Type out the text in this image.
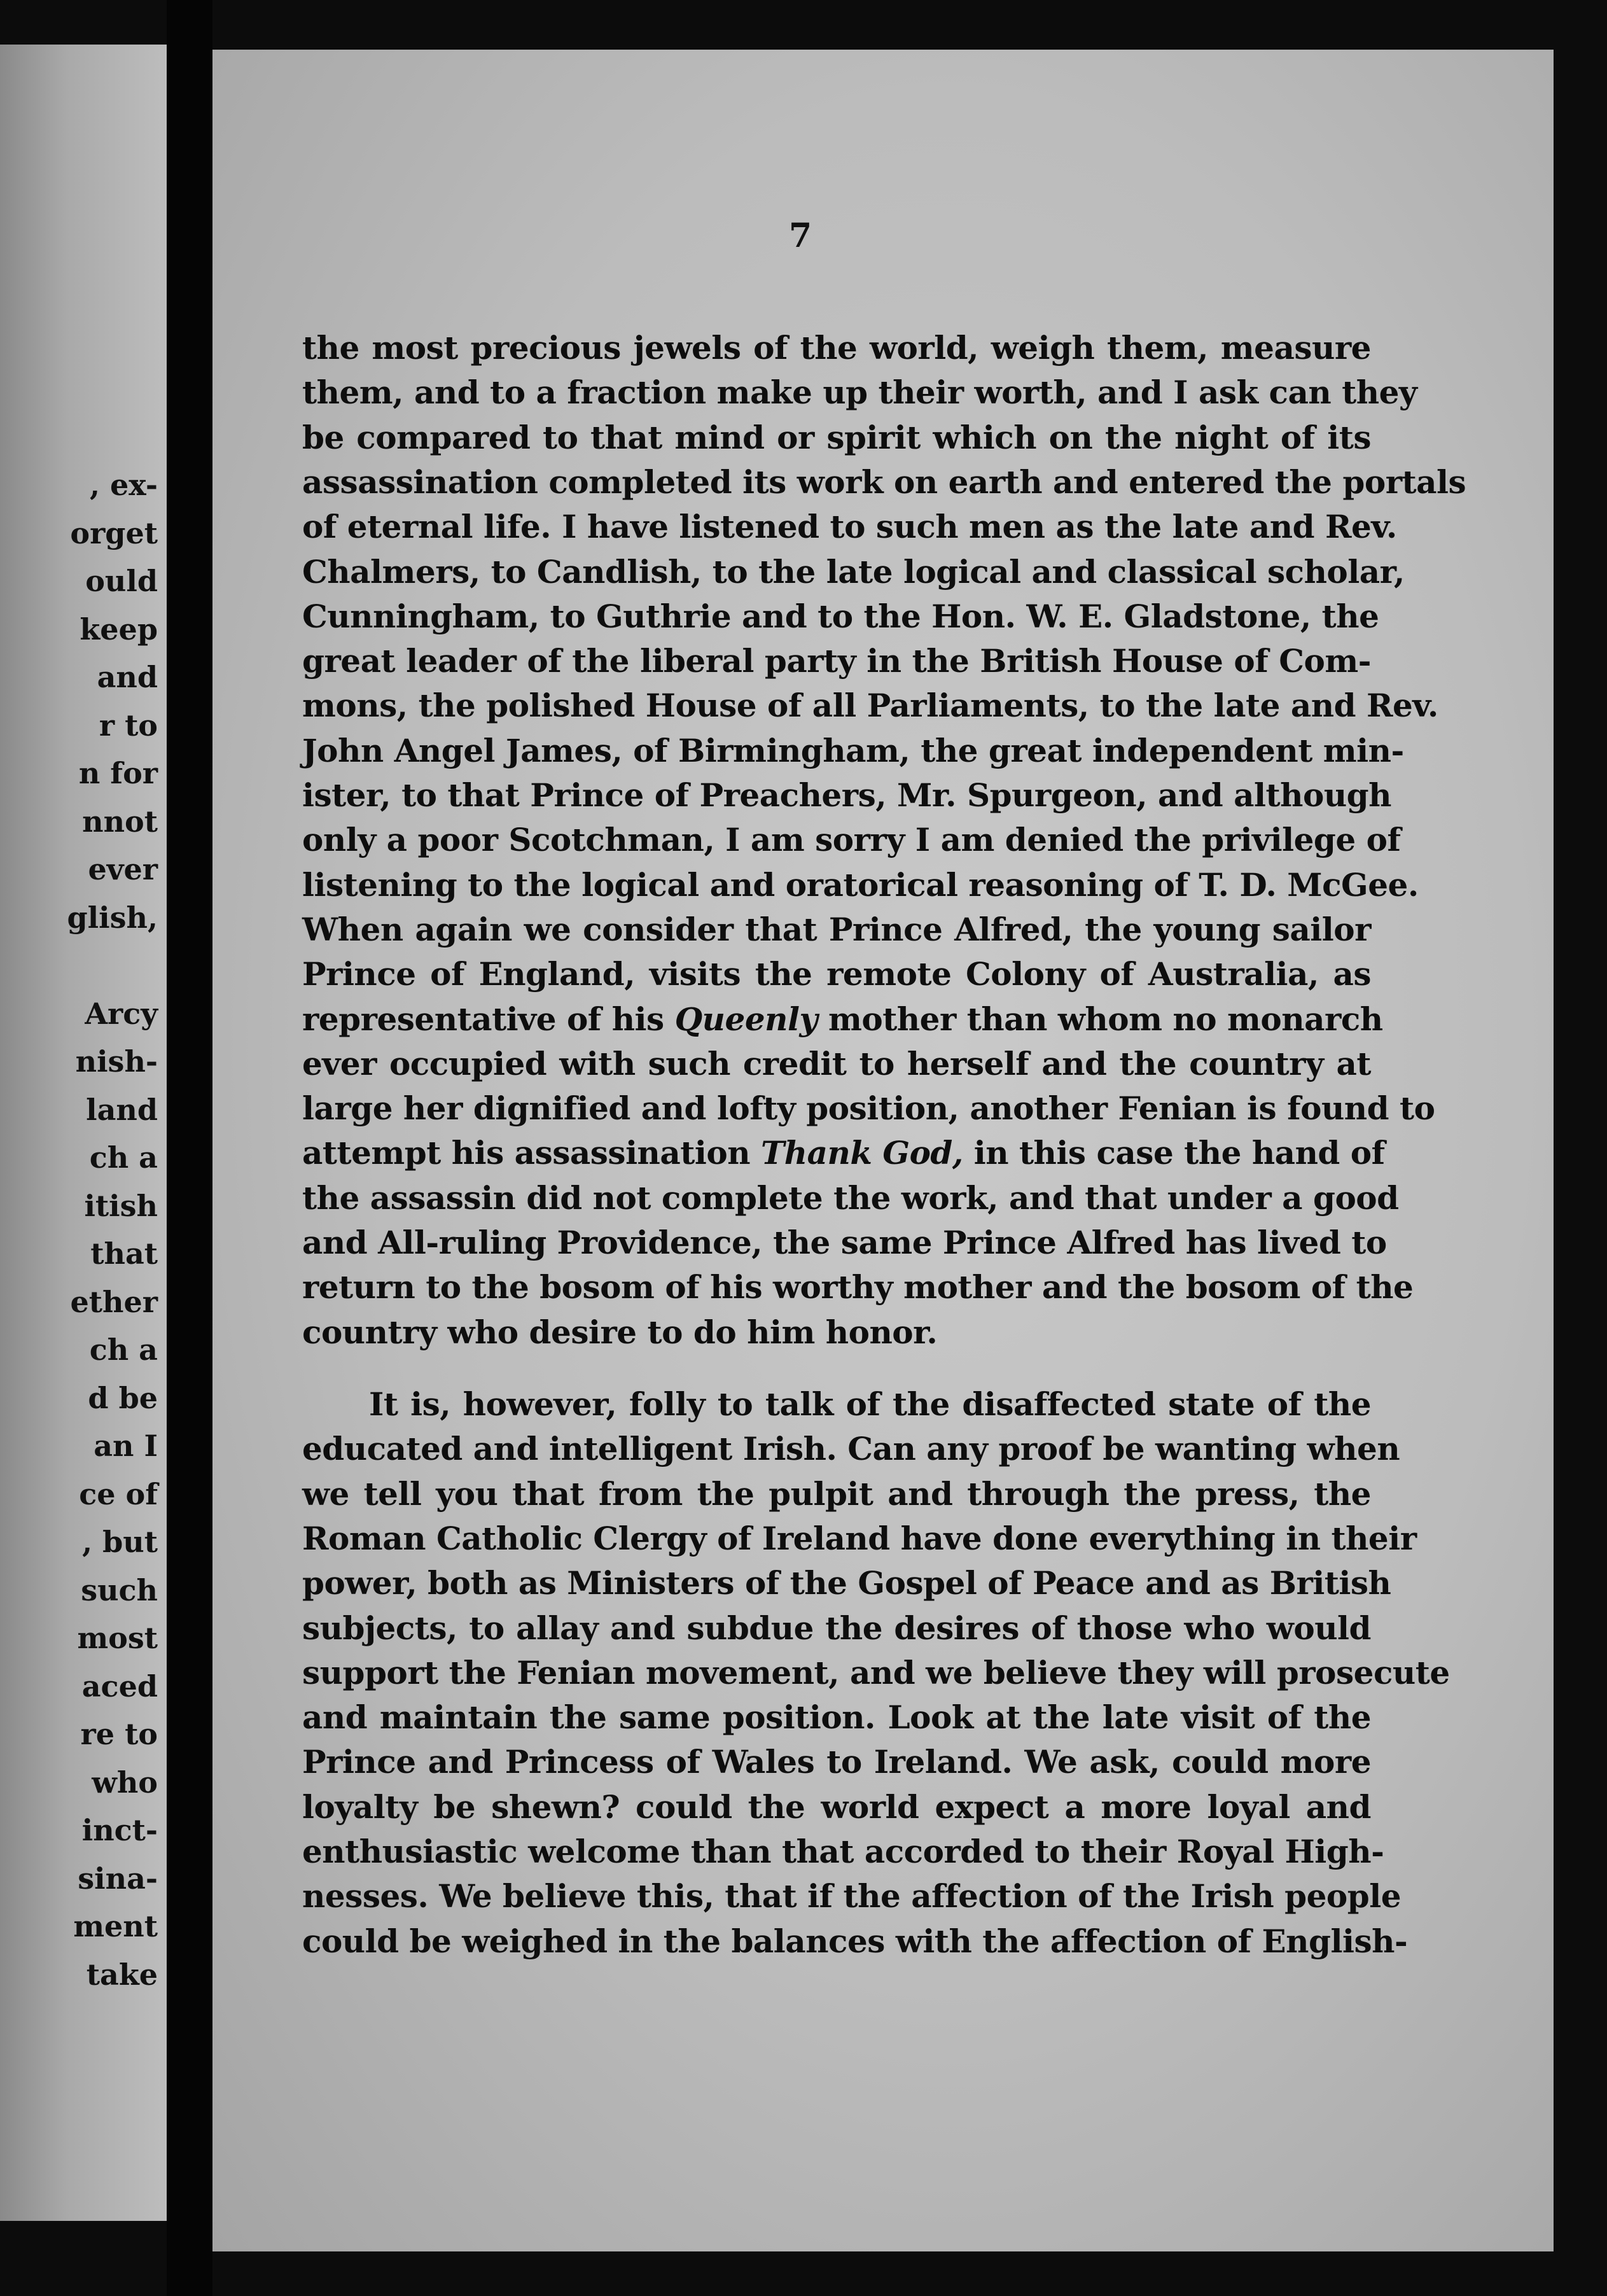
, ex-
orget
ould
keep
and
r to
n for
nnot
ever
glish,
Arcy
nish-
land
ch a
itish
that
ether
ch a
d be
an I
ce of
, but
such
most
aced
re to
who
inct-
sina-
ment
take
7
the most precious jewels of the world, weigh them, measure
them, and to a fraction make up their worth, and I ask can they
be compared to that mind or spirit which on the night of its
assassination completed its work on earth and entered the portals
of eternal life. I have listened to such men as the late and Rev.
Chalmers, to Candlish, to the late logical and classical scholar,
Cunningham, to Guthrie and to the Hon. W. E. Gladstone, the
great leader of the liberal party in the British House of Com-
mons, the polished House of all Parliaments, to the late and Rev.
John Angel James, of Birmingham, the great independent min-
ister, to that Prince of Preachers, Mr. Spurgeon, and although
only a poor Scotchman, I am sorry I am denied the privilege of
listening to the logical and oratorical reasoning of T. D. McGee.
When again we consider that Prince Alfred, the young sailor
Prince of England, visits the remote Colony of Australia, as
representative of his Queenly mother than whom no monarch
ever occupied with such credit to herself and the country at
large her dignified and lofty position, another Fenian is found to
attempt his assassination Thank God, in this case the hand of
the assassin did not complete the work, and that under a good
and All-ruling Providence, the same Prince Alfred has lived to
return to the bosom of his worthy mother and the bosom of the
country who desire to do him honor.
It is, however, folly to talk of the disaffected state of the
educated and intelligent Irish. Can any proof be wanting when
we tell you that from the pulpit and through the press, the
Roman Catholic Clergy of Ireland have done everything in their
power, both as Ministers of the Gospel of Peace and as British
subjects, to allay and subdue the desires of those who would
support the Fenian movement, and we believe they will prosecute
and maintain the same position. Look at the late visit of the
Prince and Princess of Wales to Ireland. We ask, could more
loyalty be shewn? could the world expect a more loyal and
enthusiastic welcome than that accorded to their Royal High-
nesses. We believe this, that if the affection of the Irish people
could be weighed in the balances with the affection of English-
